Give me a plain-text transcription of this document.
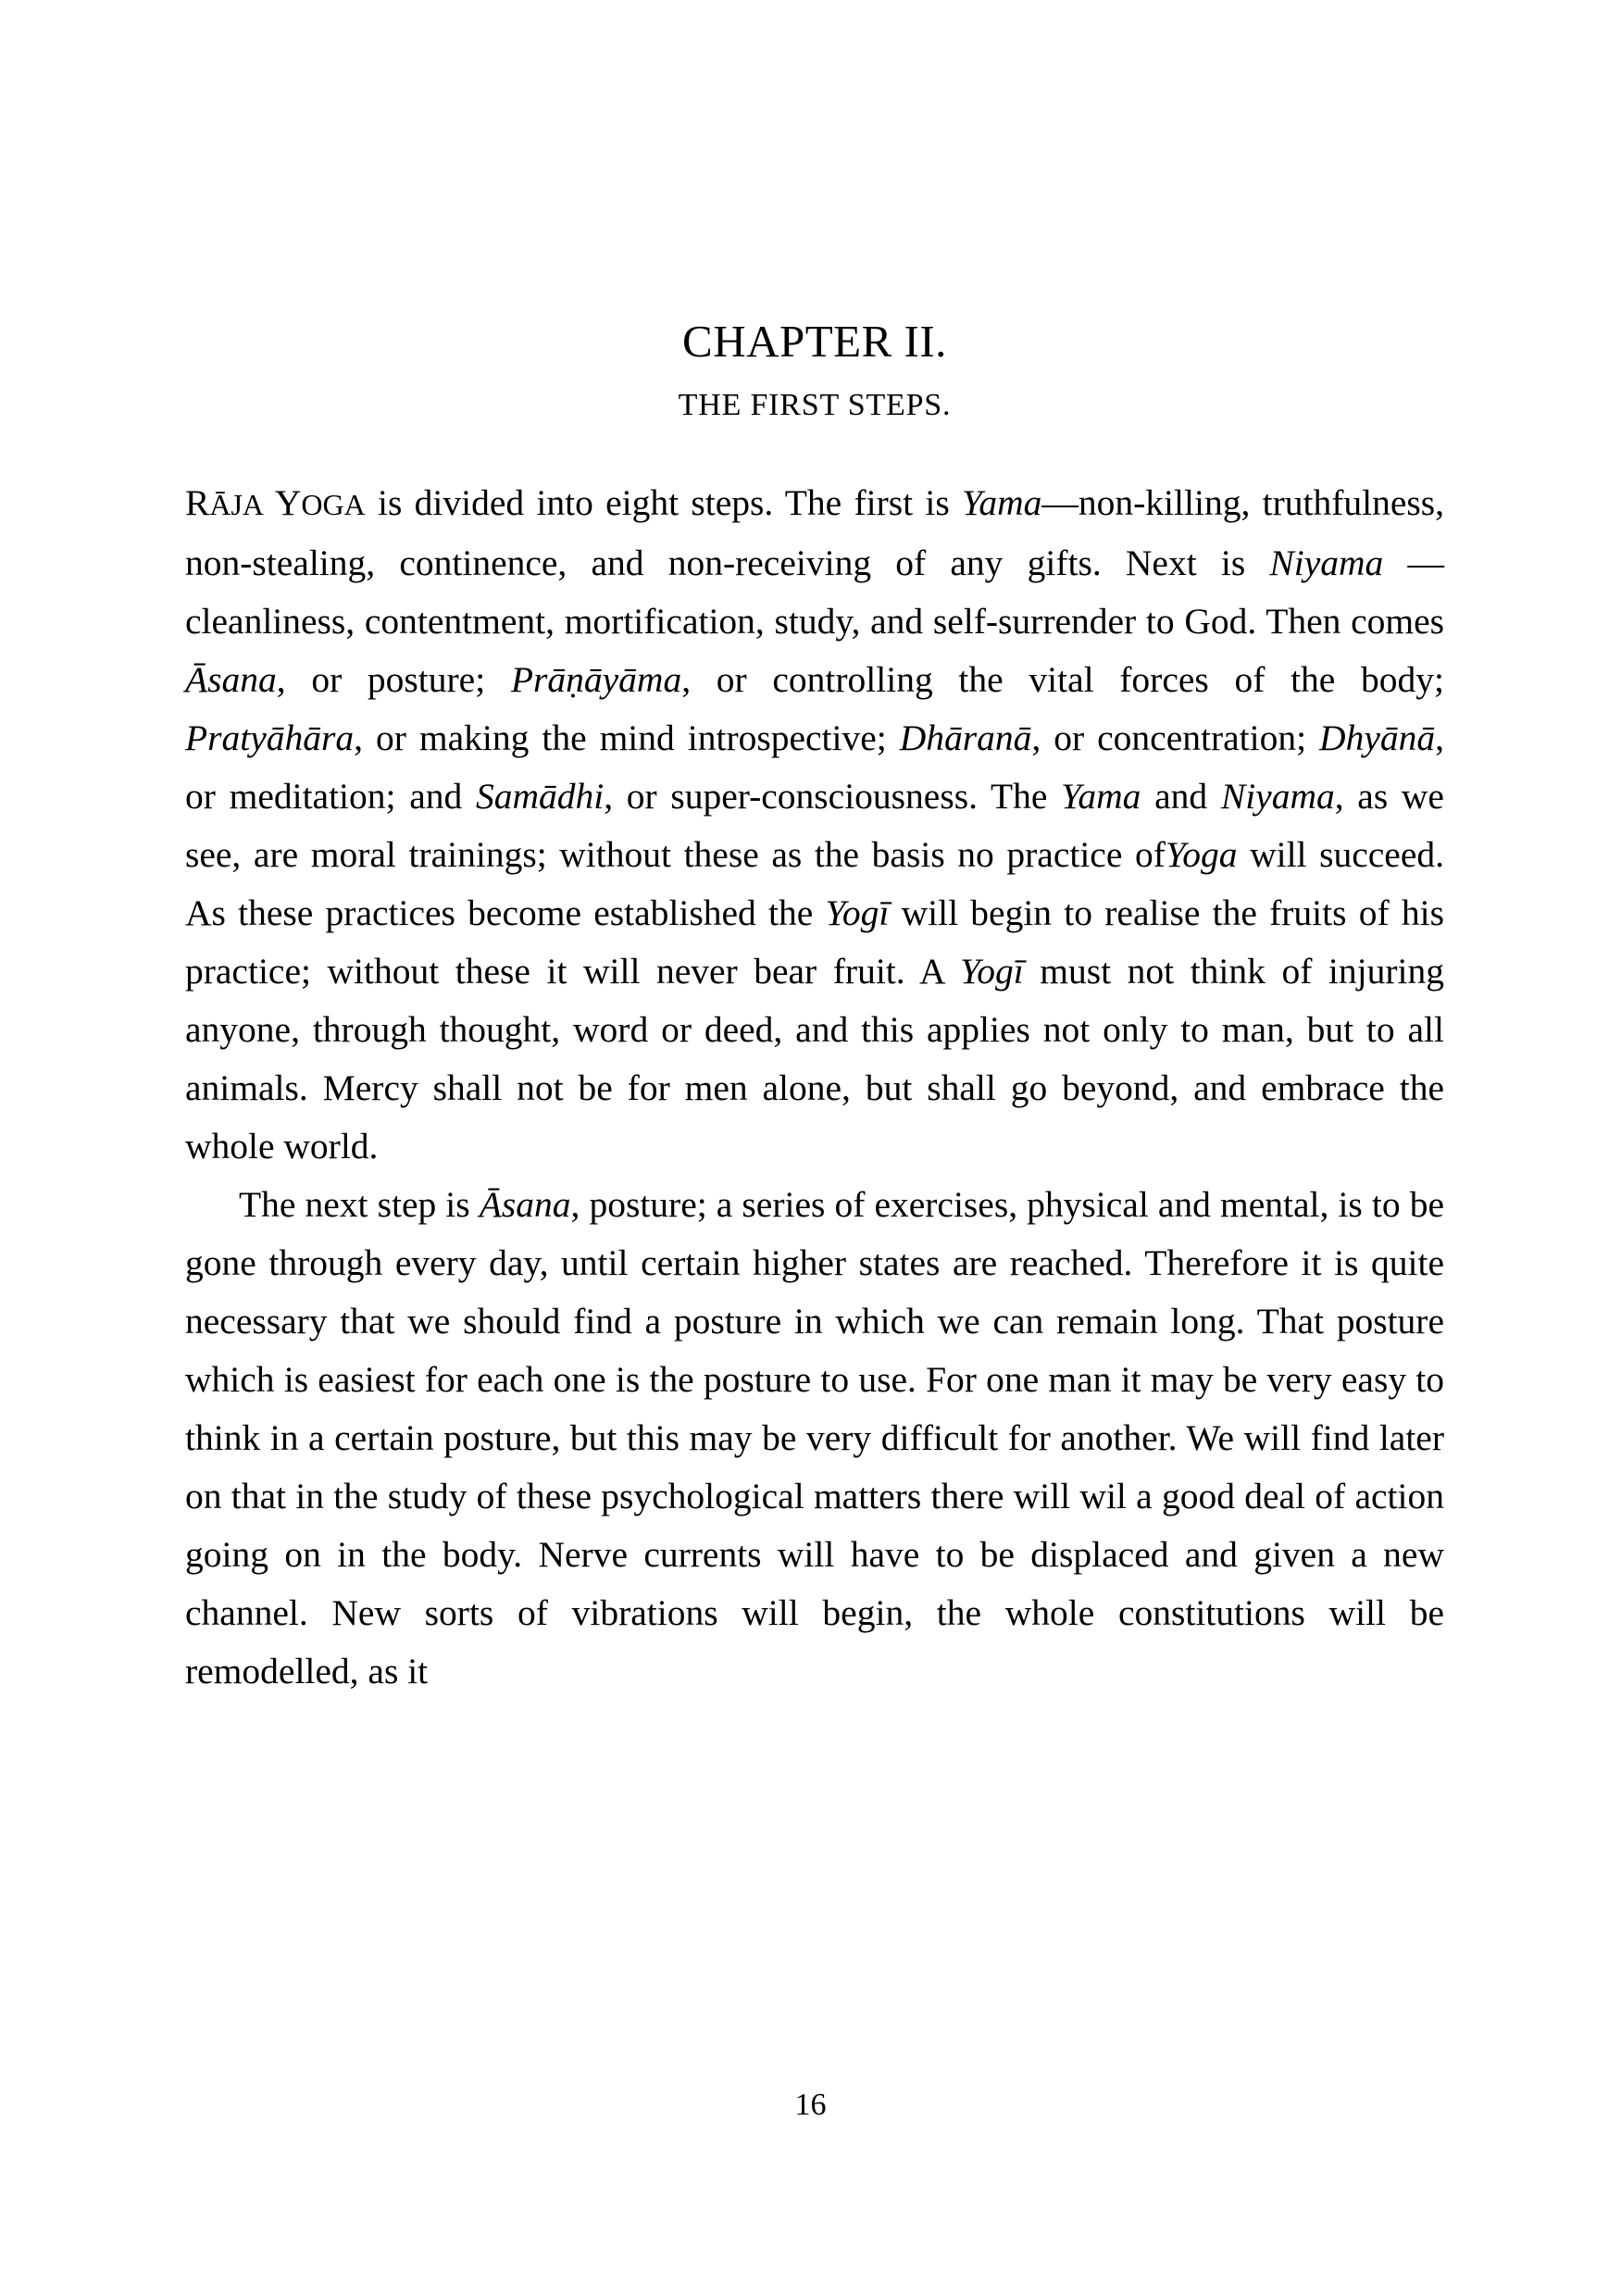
CHAPTER II.
THE FIRST STEPS.

RĀJA YOGA is divided into eight steps. The first is Yama—non-killing, truthfulness, non-stealing, continence, and non-receiving of any gifts. Next is Niyama — cleanliness, contentment, mortification, study, and self-surrender to God. Then comes Āsana, or posture; Prāṇāyāma, or controlling the vital forces of the body; Pratyāhāra, or making the mind introspective; Dhāranā, or concentration; Dhyānā, or meditation; and Samādhi, or super-consciousness. The Yama and Niyama, as we see, are moral trainings; without these as the basis no practice ofYoga will succeed. As these practices become established the Yogī will begin to realise the fruits of his practice; without these it will never bear fruit. A Yogī must not think of injuring anyone, through thought, word or deed, and this applies not only to man, but to all animals. Mercy shall not be for men alone, but shall go beyond, and embrace the whole world.

The next step is Āsana, posture; a series of exercises, physical and mental, is to be gone through every day, until certain higher states are reached. Therefore it is quite necessary that we should find a posture in which we can remain long. That posture which is easiest for each one is the posture to use. For one man it may be very easy to think in a certain posture, but this may be very difficult for another. We will find later on that in the study of these psychological matters there will wil a good deal of action going on in the body. Nerve currents will have to be displaced and given a new channel. New sorts of vibrations will begin, the whole constitutions will be remodelled, as it

16
